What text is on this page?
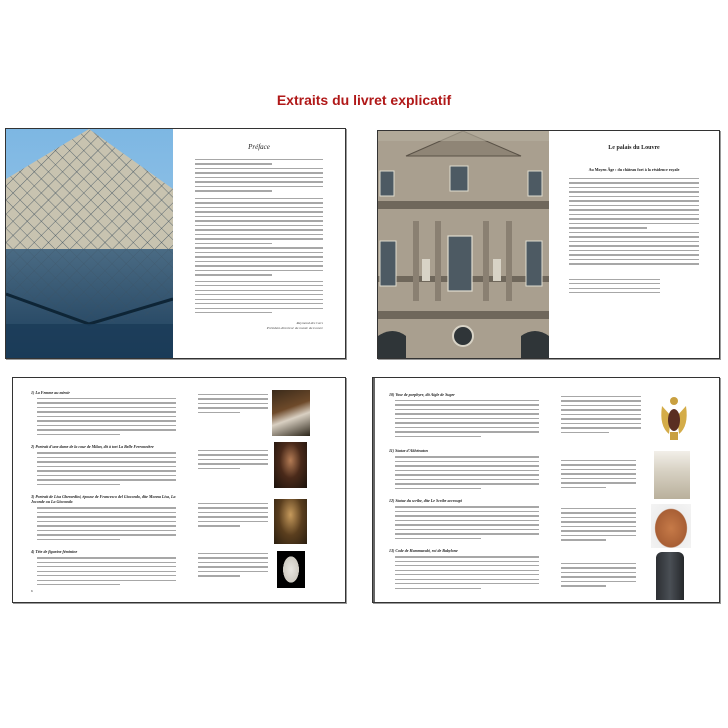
Extraits du livret explicatif
Préface
Raymond des Cars
Président-directeur du musée du Louvre
Le palais du Louvre
Au Moyen Âge : du château fort à la résidence royale
1) La Femme au miroir
2) Portrait d'une dame de la cour de Milan, dit à tort La Belle Ferronnière
3) Portrait de Lisa Gherardini, épouse de Francesco del Giocondo, dite Monna Lisa, La Joconde ou La Gioconda
4) Tête de figurine féminine
6
10) Vase de porphyre, dit Aigle de Suger
11) Statue d'Akhénaton
12) Statue du scribe, dite Le Scribe accroupi
13) Code de Hammurabi, roi de Babylone
